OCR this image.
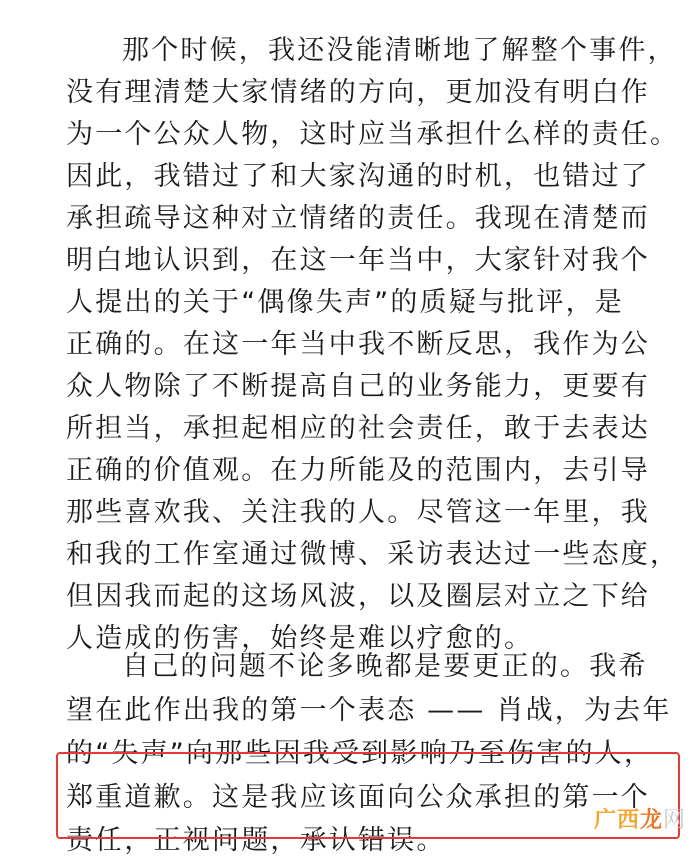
那个时候，我还没能清晰地了解整个事件，
没有理清楚大家情绪的方向，更加没有明白作
为一个公众人物，这时应当承担什么样的责任。
因此，我错过了和大家沟通的时机，也错过了
承担疏导这种对立情绪的责任。我现在清楚而
明白地认识到，在这一年当中，大家针对我个
人提出的关于“偶像失声”的质疑与批评，是
正确的。在这一年当中我不断反思，我作为公
众人物除了不断提高自己的业务能力，更要有
所担当，承担起相应的社会责任，敢于去表达
正确的价值观。在力所能及的范围内，去引导
那些喜欢我、关注我的人。尽管这一年里，我
和我的工作室通过微博、采访表达过一些态度，
但因我而起的这场风波，以及圈层对立之下给
人造成的伤害，始终是难以疗愈的。
自己的问题不论多晚都是要更正的。我希
望在此作出我的第一个表态 —— 肖战，为去年
的“失声”向那些因我受到影响乃至伤害的人，
郑重道歉。这是我应该面向公众承担的第一个
责任，正视问题，承认错误。
广西龙网
